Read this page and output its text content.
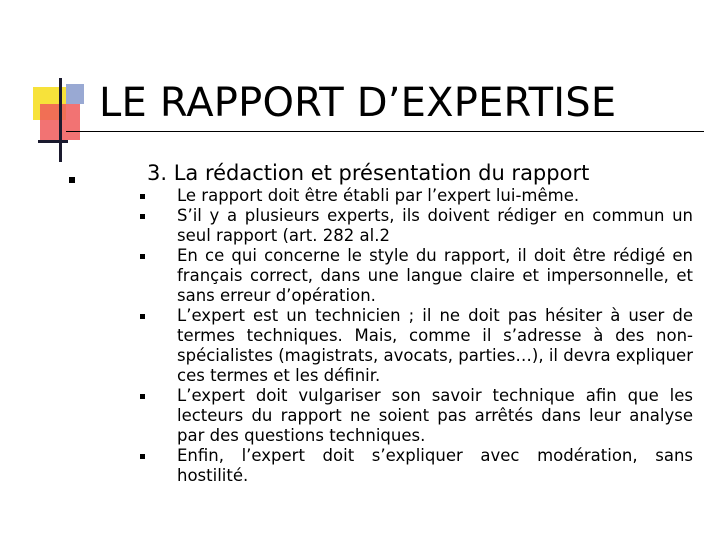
LE RAPPORT D’EXPERTISE
3. La rédaction et présentation du rapport
Le rapport doit être établi par l’expert lui-même.
S’il y a plusieurs experts, ils doivent rédiger en commun un seul rapport (art. 282 al.2
En ce qui concerne le style du rapport, il doit être rédigé en français correct, dans une langue claire et impersonnelle, et sans erreur d’opération.
L’expert est un technicien ; il ne doit pas hésiter à user de termes techniques. Mais, comme il s’adresse à des non-spécialistes (magistrats, avocats, parties…), il devra expliquer ces termes et les définir.
L’expert doit vulgariser son savoir technique afin que les lecteurs du rapport ne soient pas arrêtés dans leur analyse par des questions techniques.
Enfin, l’expert doit s’expliquer avec modération, sans hostilité.
